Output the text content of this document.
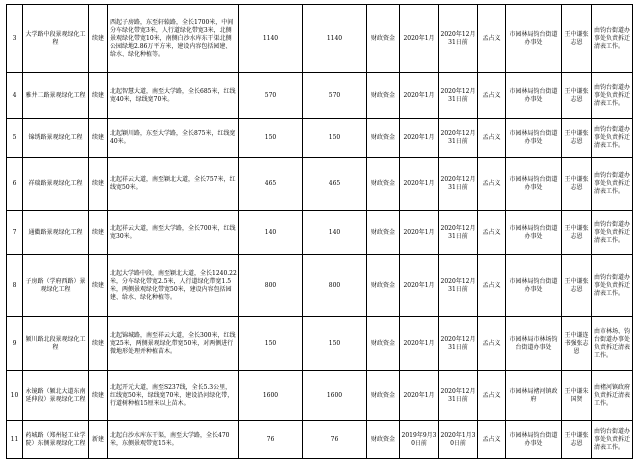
3	大学路中段景观绿化工程	续建	西起子房路，东至轩辕路，全长1700米，中间分车绿化带宽3米，人行道绿化带宽3米，北侧景观绿化带宽10米，南侧白沙水库东干渠北侧公园绿地2.86万平方米，建设内容包括园建、给水、绿化种植等。	1140	1140	财政资金	2020年1月	2020年12月31日前	孟占义	市园林局钧台街道办事处	王中谦张志恩	由钧台街道办事处负责拆迁清表工作。
4	雅井二路景观绿化工程	续建	北起智慧大道，南至大学路，全长685米，红线宽40米，绿线宽70米。	570	570	财政资金	2020年1月	2020年12月31日前	孟占义	市园林局钧台街道办事处	王中谦张志恩	由钧台街道办事处负责拆迁清表工作。
5	锦绣路景观绿化工程	续建	北起颖川路，东至大学路，全长875米，红线宽40米。	150	150	财政资金	2020年1月	2020年12月31日前	孟占义	市园林局钧台街道办事处	王中谦张志恩	由钧台街道办事处负责拆迁清表工作。
6	祥瑞路景观绿化工程	续建	北起祥云大道，南至颖北大道，全长757米，红线宽50米。	465	465	财政资金	2020年1月	2020年12月31日前	孟占义	市园林局钧台街道办事处	王中谦张志恩	由钧台街道办事处负责拆迁清表工作。
7	通衢路景观绿化工程	续建	北起祥云大道，南至大学路，全长700米，红线宽30米。	140	140	财政资金	2020年1月	2020年12月31日前	孟占义	市园林局钧台街道办事处	王中谦张志恩	由钧台街道办事处负责拆迁清表工作。
8	子房路（学府西路）景观绿化工程	续建	北起大学路中段，南至颖北大道，全长1240.22米，分车绿化带宽2.5米，人行道绿化带宽1.5米，两侧景观绿化带宽50米，建设内容包括园建、给水、绿化种植等。	800	800	财政资金	2020年1月	2020年12月31日前	孟占义	市园林局钧台街道办事处	王中谦张志恩	由钧台街道办事处负责拆迁清表工作。
9	颍川路北段景观绿化工程	续建	北起锦城路，南至祥云大道，全长300米，红线宽25米，两侧景观绿化带宽50米，对两侧进行微地形处理并种植苗木。	150	150	财政资金	2020年1月	2020年12月31日前	孟占义	市园林局市林场钧台街道办事处	王中谦连书强张志恩	由市林场、钧台街道办事处负责拆迁清表工作。
10	永镜路（颍北大道东南延伸段）景观绿化工程	续建	北起开元大道，南至S237线，全长5.3公里，红线宽50米，绿线宽70米，建设沿河绿化带，行道树种植15厘米以上苗木。	1600	1600	财政资金	2020年1月	2020年12月31日前	孟占义	市园林局褚河镇政府	王中谦朱国贤	由褚河镇政府负责拆迁清表工作。
11	药城路（郑州轻工业学院）东侧景观绿化工程	新建	北起白沙水库东干渠，南至大学路，全长470米，东侧景观带宽15米。	76	76	财政资金	2019年9月30日前	2020年1月30日前	孟占义	市园林局钧台街道办事处	王中谦张志恩	由钧台街道办事处负责拆迁清表工作。
